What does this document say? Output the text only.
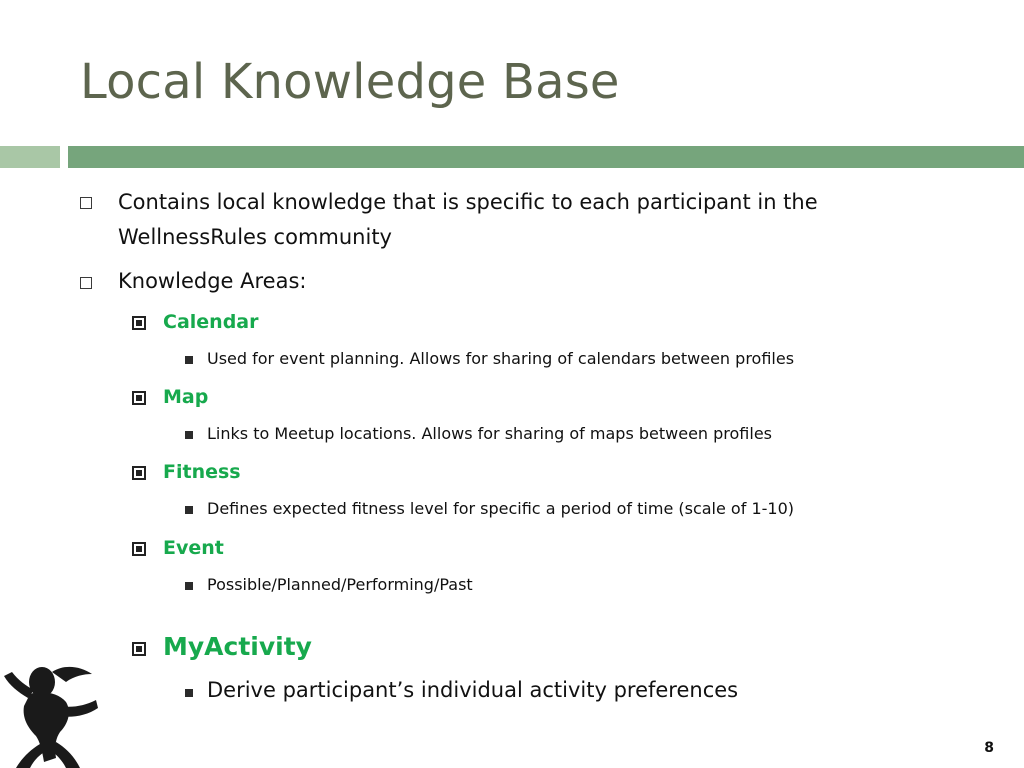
Local Knowledge Base
Contains local knowledge that is specific to each participant in the
WellnessRules community
Knowledge Areas:
Calendar
Used for event planning. Allows for sharing of calendars between profiles
Map
Links to Meetup locations. Allows for sharing of maps between profiles
Fitness
Defines expected fitness level for specific a period of time (scale of 1-10)
Event
Possible/Planned/Performing/Past
MyActivity
Derive participant’s individual activity preferences
8
